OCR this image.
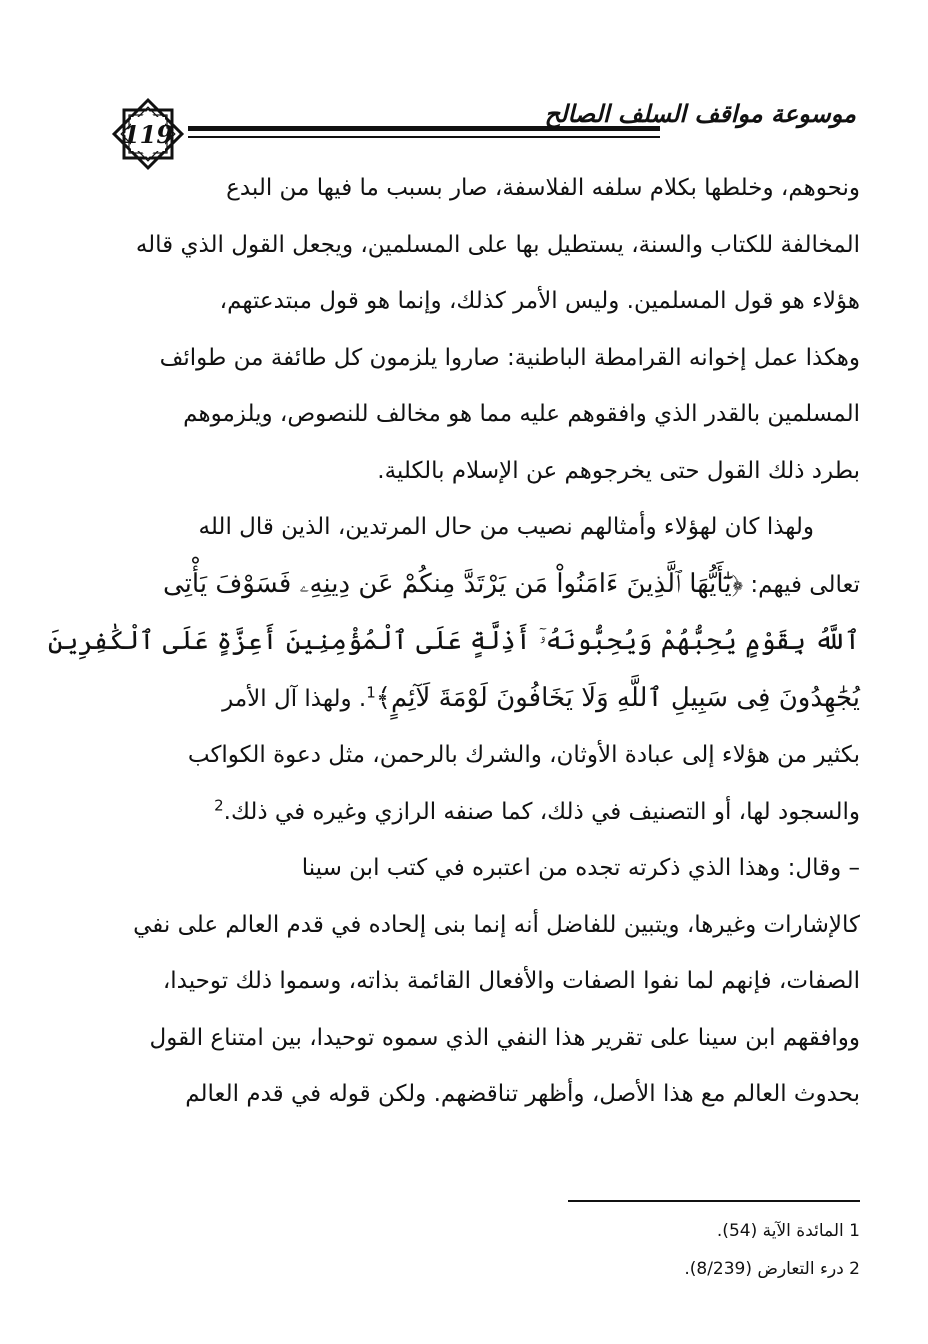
119
موسوعة مواقف السلف الصالح
ونحوهم، وخلطها بكلام سلفه الفلاسفة، صار بسبب ما فيها من البدع
المخالفة للكتاب والسنة، يستطيل بها على المسلمين، ويجعل القول الذي قاله
هؤلاء هو قول المسلمين. وليس الأمر كذلك، وإنما هو قول مبتدعتهم،
وهكذا عمل إخوانه القرامطة الباطنية: صاروا يلزمون كل طائفة من طوائف
المسلمين بالقدر الذي وافقوهم عليه مما هو مخالف للنصوص، ويلزموهم
بطرد ذلك القول حتى يخرجوهم عن الإسلام بالكلية.
ولهذا كان لهؤلاء وأمثالهم نصيب من حال المرتدين، الذين قال الله
تعالى فيهم: ﴿يَٰٓأَيُّهَا ٱلَّذِينَ ءَامَنُواْ مَن يَرْتَدَّ مِنكُمْ عَن دِينِهِۦ فَسَوْفَ يَأْتِى
ٱللَّهُ بِقَوْمٍ يُحِبُّهُمْ وَيُحِبُّونَهُۥٓ أَذِلَّةٍ عَلَى ٱلْمُؤْمِنِينَ أَعِزَّةٍ عَلَى ٱلْكَٰفِرِينَ
يُجَٰهِدُونَ فِى سَبِيلِ ٱللَّهِ وَلَا يَخَافُونَ لَوْمَةَ لَآئِمٍ﴾$^1$. ولهذا آل الأمر
بكثير من هؤلاء إلى عبادة الأوثان، والشرك بالرحمن، مثل دعوة الكواكب
والسجود لها، أو التصنيف في ذلك، كما صنفه الرازي وغيره في ذلك.$^2$
– وقال: وهذا الذي ذكرته تجده من اعتبره في كتب ابن سينا
كالإشارات وغيرها، ويتبين للفاضل أنه إنما بنى إلحاده في قدم العالم على نفي
الصفات، فإنهم لما نفوا الصفات والأفعال القائمة بذاته، وسموا ذلك توحيدا،
ووافقهم ابن سينا على تقرير هذا النفي الذي سموه توحيدا، بين امتناع القول
بحدوث العالم مع هذا الأصل، وأظهر تناقضهم. ولكن قوله في قدم العالم
1 المائدة الآية (54).
2 درء التعارض (8/239).
